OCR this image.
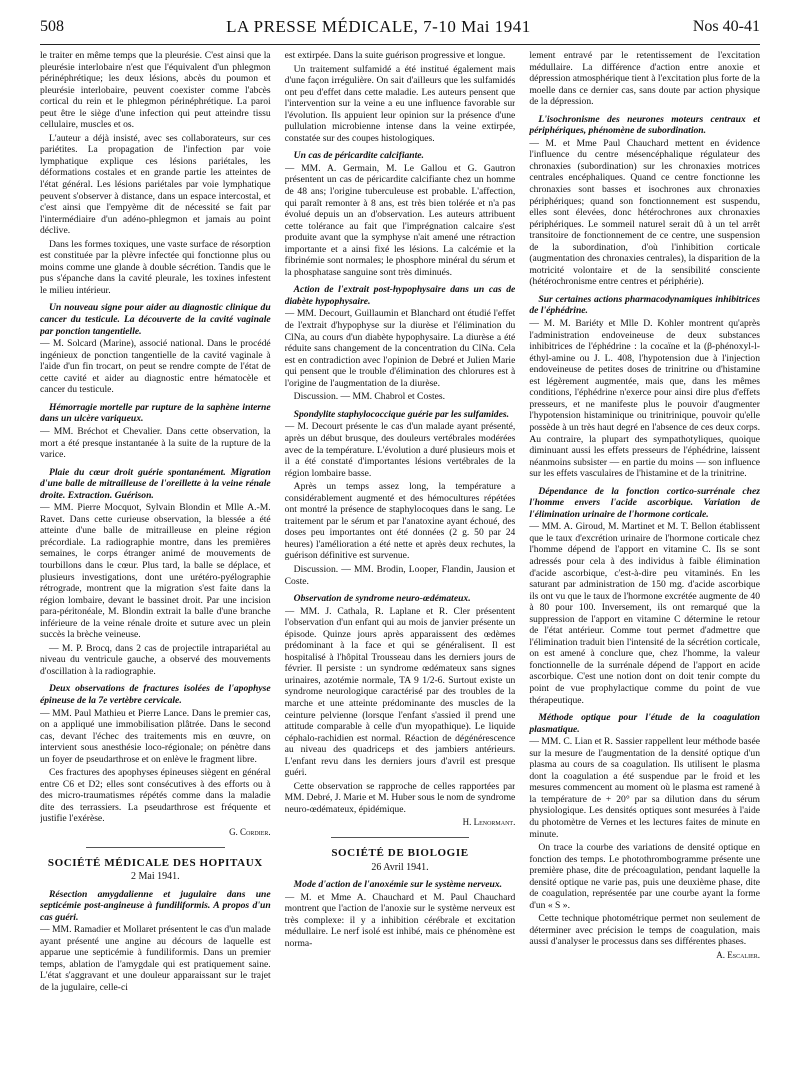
508	LA PRESSE MÉDICALE, 7-10 Mai 1941	Nos 40-41

le traiter en même temps que la pleurésie. C'est ainsi que la pleurésie interlobaire n'est que l'équivalent d'un phlegmon périnéphrétique; les deux lésions, abcès du poumon et pleurésie interlobaire, peuvent coexister comme l'abcès cortical du rein et le phlegmon périnéphrétique. La paroi peut être le siège d'une infection qui peut atteindre tissu cellulaire, muscles et os.

L'auteur a déjà insisté, avec ses collaborateurs, sur ces pariétites. La propagation de l'infection par voie lymphatique explique ces lésions pariétales, les déformations costales et en grande partie les atteintes de l'état général. Les lésions pariétales par voie lymphatique peuvent s'observer à distance, dans un espace intercostal, et c'est ainsi que l'empyème dit de nécessité se fait par l'intermédiaire d'un adéno-phlegmon et jamais au point déclive.

Dans les formes toxiques, une vaste surface de résorption est constituée par la plèvre infectée qui fonctionne plus ou moins comme une glande à double sécrétion. Tandis que le pus s'épanche dans la cavité pleurale, les toxines infestent le milieu intérieur.

Un nouveau signe pour aider au diagnostic clinique du cancer du testicule. La découverte de la cavité vaginale par ponction tangentielle.

— M. Solcard (Marine), associé national. Dans le procédé ingénieux de ponction tangentielle de la cavité vaginale à l'aide d'un fin trocart, on peut se rendre compte de l'état de cette cavité et aider au diagnostic entre hématocèle et cancer du testicule.

Hémorragie mortelle par rupture de la saphène interne dans un ulcère variqueux.

— MM. Bréchot et Chevalier. Dans cette observation, la mort a été presque instantanée à la suite de la rupture de la varice.

Plaie du cœur droit guérie spontanément. Migration d'une balle de mitrailleuse de l'oreillette à la veine rénale droite. Extraction. Guérison.

— MM. Pierre Mocquot, Sylvain Blondin et Mlle A.-M. Ravet. Dans cette curieuse observation, la blessée a été atteinte d'une balle de mitrailleuse en pleine région précordiale. La radiographie montre, dans les premières semaines, le corps étranger animé de mouvements de tourbillons dans le cœur. Plus tard, la balle se déplace, et plusieurs investigations, dont une urétéro-pyélographie rétrograde, montrent que la migration s'est faite dans la région lombaire, devant le bassinet droit. Par une incision para-péritonéale, M. Blondin extrait la balle d'une branche inférieure de la veine rénale droite et suture avec un plein succès la brèche veineuse.

— M. P. Brocq, dans 2 cas de projectile intrapariétal au niveau du ventricule gauche, a observé des mouvements d'oscillation à la radiographie.

Deux observations de fractures isolées de l'apophyse épineuse de la 7e vertèbre cervicale.

— MM. Paul Mathieu et Pierre Lance. Dans le premier cas, on a appliqué une immobilisation plâtrée. Dans le second cas, devant l'échec des traitements mis en œuvre, on intervient sous anesthésie loco-régionale; on pénètre dans un foyer de pseudarthrose et on enlève le fragment libre.

Ces fractures des apophyses épineuses siègent en général entre C6 et D2; elles sont consécutives à des efforts ou à des micro-traumatismes répétés comme dans la maladie dite des terrassiers. La pseudarthrose est fréquente et justifie l'exérèse.

G. Cordier.
SOCIÉTÉ MÉDICALE DES HOPITAUX
2 Mai 1941.
Résection amygdalienne et jugulaire dans une septicémie post-angineuse à fundiliformis. A propos d'un cas guéri.

— MM. Ramadier et Mollaret présentent le cas d'un malade ayant présenté une angine au décours de laquelle est apparue une septicémie à fundiliformis. Dans un premier temps, ablation de l'amygdale qui est pratiquement saine. L'état s'aggravant et une douleur apparaissant sur le trajet de la jugulaire, celle-ci

est extirpée. Dans la suite guérison progressive et longue.

Un traitement sulfamidé a été institué également mais d'une façon irrégulière. On sait d'ailleurs que les sulfamidés ont peu d'effet dans cette maladie. Les auteurs pensent que l'intervention sur la veine a eu une influence favorable sur l'évolution. Ils appuient leur opinion sur la présence d'une pullulation microbienne intense dans la veine extirpée, constatée sur des coupes histologiques.

Un cas de péricardite calcifiante.

— MM. A. Germain, M. Le Gallou et G. Gautron présentent un cas de péricardite calcifiante chez un homme de 48 ans; l'origine tuberculeuse est probable. L'affection, qui paraît remonter à 8 ans, est très bien tolérée et n'a pas évolué depuis un an d'observation. Les auteurs attribuent cette tolérance au fait que l'imprégnation calcaire s'est produite avant que la symphyse n'ait amené une rétraction importante et a ainsi fixé les lésions. La calcémie et la fibrinémie sont normales; le phosphore minéral du sérum et la phosphatase sanguine sont très diminués.

Action de l'extrait post-hypophysaire dans un cas de diabète hypophysaire.

— MM. Decourt, Guillaumin et Blanchard ont étudié l'effet de l'extrait d'hypophyse sur la diurèse et l'élimination du ClNa, au cours d'un diabète hypophysaire. La diurèse a été réduite sans changement de la concentration du ClNa. Cela est en contradiction avec l'opinion de Debré et Julien Marie qui pensent que le trouble d'élimination des chlorures est à l'origine de l'augmentation de la diurèse.

Discussion. — MM. Chabrol et Costes.

Spondylite staphylococcique guérie par les sulfamides.

— M. Decourt présente le cas d'un malade ayant présenté, après un début brusque, des douleurs vertébrales modérées avec de la température. L'évolution a duré plusieurs mois et il a été constaté d'importantes lésions vertébrales de la région lombaire basse.

Après un temps assez long, la température a considérablement augmenté et des hémocultures répétées ont montré la présence de staphylocoques dans le sang. Le traitement par le sérum et par l'anatoxine ayant échoué, des doses peu importantes ont été données (2 g. 50 par 24 heures) l'amélioration a été nette et après deux rechutes, la guérison définitive est survenue.

Discussion. — MM. Brodin, Looper, Flandin, Jausion et Coste.

Observation de syndrome neuro-œdémateux.

— MM. J. Cathala, R. Laplane et R. Cler présentent l'observation d'un enfant qui au mois de janvier présente un épisode. Quinze jours après apparaissent des œdèmes prédominant à la face et qui se généralisent. Il est hospitalisé à l'hôpital Trousseau dans les derniers jours de février. Il persiste : un syndrome œdémateux sans signes urinaires, azotémie normale, TA 9 1/2-6. Surtout existe un syndrome neurologique caractérisé par des troubles de la marche et une atteinte prédominante des muscles de la ceinture pelvienne (lorsque l'enfant s'assied il prend une attitude comparable à celle d'un myopathique). Le liquide céphalo-rachidien est normal. Réaction de dégénérescence au niveau des quadriceps et des jambiers antérieurs. L'enfant revu dans les derniers jours d'avril est presque guéri.

Cette observation se rapproche de celles rapportées par MM. Debré, J. Marie et M. Huber sous le nom de syndrome neuro-œdémateux, épidémique.

H. Lenormant.
SOCIÉTÉ DE BIOLOGIE
26 Avril 1941.
Mode d'action de l'anoxémie sur le système nerveux.

— M. et Mme A. Chauchard et M. Paul Chauchard montrent que l'action de l'anoxie sur le système nerveux est très complexe: il y a inhibition cérébrale et excitation médullaire. Le nerf isolé est inhibé, mais ce phénomène est norma-

lement entravé par le retentissement de l'excitation médullaire. La différence d'action entre anoxie et dépression atmosphérique tient à l'excitation plus forte de la moelle dans ce dernier cas, sans doute par action physique de la dépression.

L'isochronisme des neurones moteurs centraux et périphériques, phénomène de subordination.

— M. et Mme Paul Chauchard mettent en évidence l'influence du centre mésencéphalique régulateur des chronaxies (subordination) sur les chronaxies motrices centrales encéphaliques. Quand ce centre fonctionne les chronaxies sont basses et isochrones aux chronaxies périphériques; quand son fonctionnement est suspendu, elles sont élevées, donc hétérochrones aux chronaxies périphériques. Le sommeil naturel serait dû à un tel arrêt transitoire de fonctionnement de ce centre, une suspension de la subordination, d'où l'inhibition corticale (augmentation des chronaxies centrales), la disparition de la motricité volontaire et de la sensibilité consciente (hétérochronisme entre centres et périphérie).

Sur certaines actions pharmacodynamiques inhibitrices de l'éphédrine.

— M. M. Bariéty et Mlle D. Kohler montrent qu'après l'administration endoveineuse de deux substances inhibitrices de l'éphédrine : la cocaïne et la (β-phénoxyl-l-éthyl-amine ou J. L. 408, l'hypotension due à l'injection endoveineuse de petites doses de trinitrine ou d'histamine est légèrement augmentée, mais que, dans les mêmes conditions, l'éphédrine n'exerce pour ainsi dire plus d'effets presseurs, et ne manifeste plus le pouvoir d'augmenter l'hypotension histaminique ou trinitrinique, pouvoir qu'elle possède à un très haut degré en l'absence de ces deux corps. Au contraire, la plupart des sympathotyliques, quoique diminuant aussi les effets presseurs de l'éphédrine, laissent néanmoins subsister — en partie du moins — son influence sur les effets vasculaires de l'histamine et de la trinitrine.

Dépendance de la fonction cortico-surrénale chez l'homme envers l'acide ascorbique. Variation de l'élimination urinaire de l'hormone corticale.

— MM. A. Giroud, M. Martinet et M. T. Bellon établissent que le taux d'excrétion urinaire de l'hormone corticale chez l'homme dépend de l'apport en vitamine C. Ils se sont adressés pour cela à des individus à faible élimination d'acide ascorbique, c'est-à-dire peu vitaminés. En les saturant par administration de 150 mg. d'acide ascorbique ils ont vu que le taux de l'hormone excrétée augmente de 40 à 80 pour 100. Inversement, ils ont remarqué que la suppression de l'apport en vitamine C détermine le retour de l'état antérieur. Comme tout permet d'admettre que l'élimination traduit bien l'intensité de la sécrétion corticale, on est amené à conclure que, chez l'homme, la valeur fonctionnelle de la surrénale dépend de l'apport en acide ascorbique. C'est une notion dont on doit tenir compte du point de vue prophylactique comme du point de vue thérapeutique.

Méthode optique pour l'étude de la coagulation plasmatique.

— MM. C. Lian et R. Sassier rappellent leur méthode basée sur la mesure de l'augmentation de la densité optique d'un plasma au cours de sa coagulation. Ils utilisent le plasma dont la coagulation a été suspendue par le froid et les mesures commencent au moment où le plasma est ramené à la température de + 20° par sa dilution dans du sérum physiologique. Les densités optiques sont mesurées à l'aide du photomètre de Vernes et les lectures faites de minute en minute.

On trace la courbe des variations de densité optique en fonction des temps. Le photothrombogramme présente une première phase, dite de précoagulation, pendant laquelle la densité optique ne varie pas, puis une deuxième phase, dite de coagulation, représentée par une courbe ayant la forme d'un « S ».

Cette technique photométrique permet non seulement de déterminer avec précision le temps de coagulation, mais aussi d'analyser le processus dans ses différentes phases.

A. Escalier.
